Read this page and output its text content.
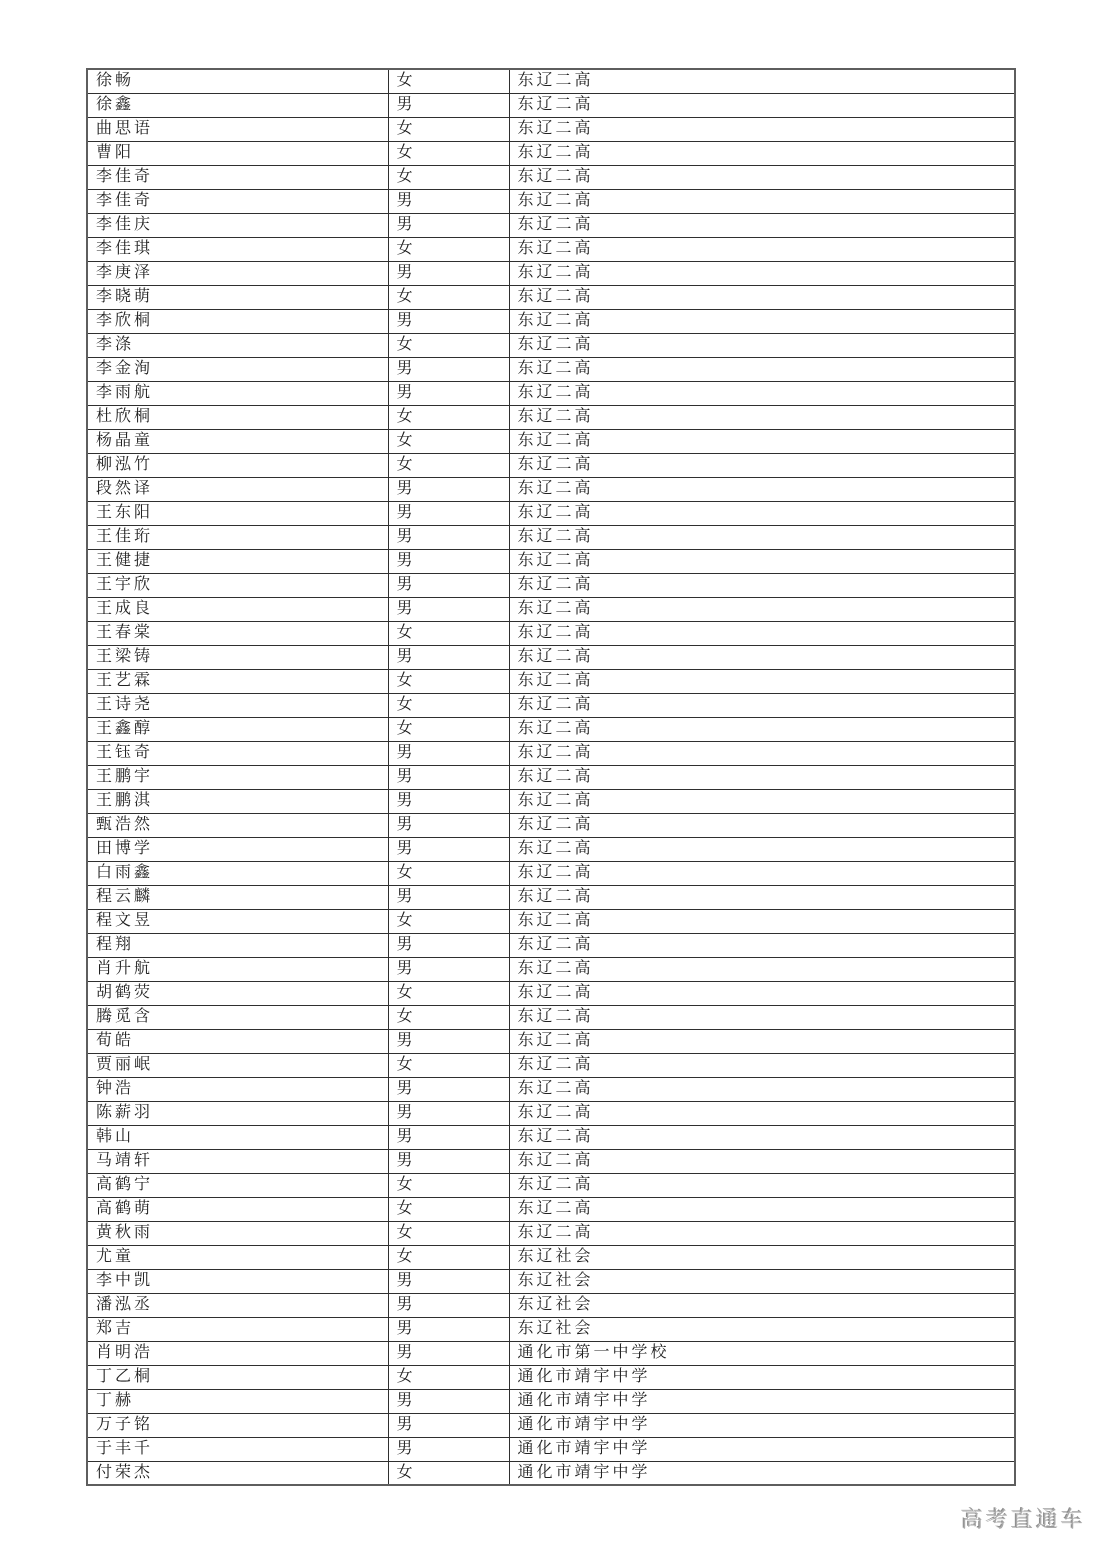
徐畅	女	东辽二高
徐鑫	男	东辽二高
曲思语	女	东辽二高
曹阳	女	东辽二高
李佳奇	女	东辽二高
李佳奇	男	东辽二高
李佳庆	男	东辽二高
李佳琪	女	东辽二高
李庚泽	男	东辽二高
李晓萌	女	东辽二高
李欣桐	男	东辽二高
李涤	女	东辽二高
李金洵	男	东辽二高
李雨航	男	东辽二高
杜欣桐	女	东辽二高
杨晶童	女	东辽二高
柳泓竹	女	东辽二高
段然译	男	东辽二高
王东阳	男	东辽二高
王佳珩	男	东辽二高
王健捷	男	东辽二高
王宇欣	男	东辽二高
王成良	男	东辽二高
王春棠	女	东辽二高
王梁铸	男	东辽二高
王艺霖	女	东辽二高
王诗尧	女	东辽二高
王鑫醇	女	东辽二高
王钰奇	男	东辽二高
王鹏宇	男	东辽二高
王鹏淇	男	东辽二高
甄浩然	男	东辽二高
田博学	男	东辽二高
白雨鑫	女	东辽二高
程云麟	男	东辽二高
程文昱	女	东辽二高
程翔	男	东辽二高
肖升航	男	东辽二高
胡鹤荧	女	东辽二高
腾觅含	女	东辽二高
荀皓	男	东辽二高
贾丽岷	女	东辽二高
钟浩	男	东辽二高
陈薪羽	男	东辽二高
韩山	男	东辽二高
马靖轩	男	东辽二高
高鹤宁	女	东辽二高
高鹤萌	女	东辽二高
黄秋雨	女	东辽二高
尤童	女	东辽社会
李中凯	男	东辽社会
潘泓丞	男	东辽社会
郑吉	男	东辽社会
肖明浩	男	通化市第一中学校
丁乙桐	女	通化市靖宇中学
丁赫	男	通化市靖宇中学
万子铭	男	通化市靖宇中学
于丰千	男	通化市靖宇中学
付荣杰	女	通化市靖宇中学
高考直通车
